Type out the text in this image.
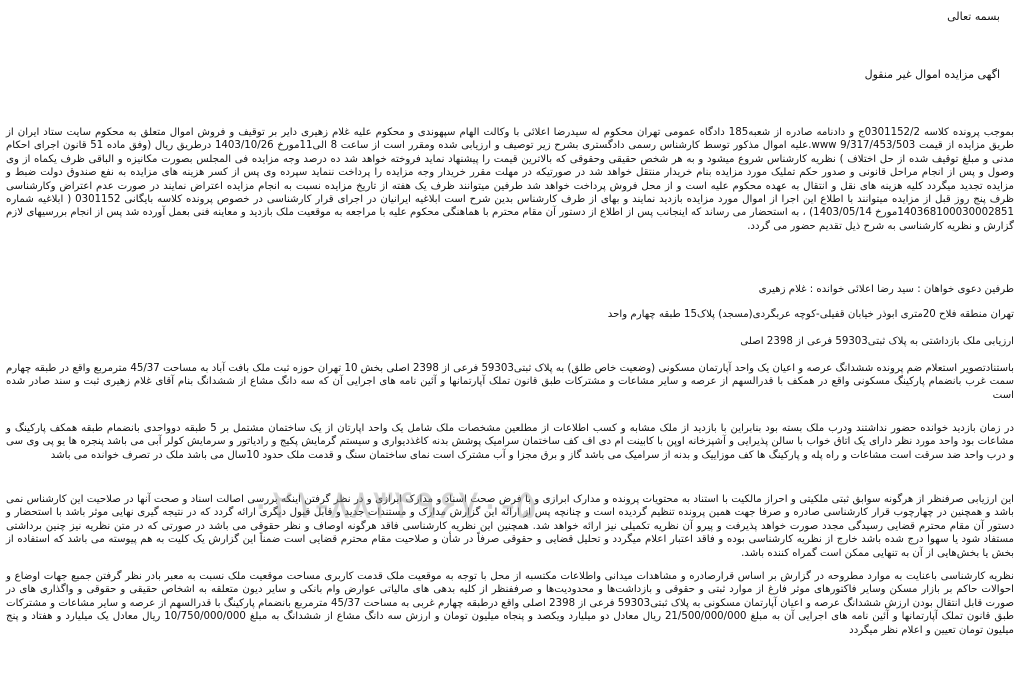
بسمه تعالی

اگهی مزایده اموال غیر منقول

بموجب پرونده کلاسه 0301152/2ج و دادنامه صادره از شعبه185 دادگاه عمومی تهران محکوم له سیدرضا اعلائی با وکالت الهام سپهوندی و محکوم علیه غلام زهیری دایر بر توقیف و فروش اموال متعلق به محکوم سایت ستاد ایران از طریق مزایده از قیمت 9/317/453/503 www.علیه اموال مذکور توسط کارشناس رسمی دادگستری بشرح زیر توصیف و ارزیابی شده ومقرر است از ساعت 8 الی11مورخ 1403/10/26 درطریق ریال (وفق ماده 51 قانون اجرای احکام مدنی و مبلغ توقیف شده از حل اختلاف ) نظریه کارشناس شروع میشود و به هر شخص حقیقی وحقوقی که بالاترین قیمت را پیشنهاد نماید فروخته خواهد شد ده درصد وجه مزایده فی المجلس بصورت مکانیزه و الباقی ظرف یکماه از وی وصول و پس از انجام مراحل قانونی و صدور حکم تملیک مورد مزایده بنام خریدار منتقل خواهد شد در صورتیکه در مهلت مقرر خریدار وجه مزایده را پرداخت ننماید سپرده وی پس از کسر هزینه های مزایده به نفع صندوق دولت ضبط و مزایده تجدید میگردد کلیه هزینه های نقل و انتقال به عهده محکوم علیه است و از محل فروش پرداخت خواهد شد طرفین میتوانند ظرف یک هفته از تاریخ مزایده نسبت به انجام مزایده اعتراض نمایند در صورت عدم اعتراض وکارشناسی ظرف پنج روز قبل از مزایده میتوانند با اطلاع این اجرا از اموال مورد مزایده بازدید نمایند و بهای از طرف کارشناس بدین شرح است ابلاغیه ایرانیان در اجرای قرار کارشناسی در خصوص پرونده کلاسه بایگانی 0301152 ( ابلاغیه شماره 140368100030002851مورخ 1403/05/14) ، به استحضار می رساند که اینجانب پس از اطلاع از دستور آن مقام محترم با هماهنگی محکوم علیه با مراجعه به موقعیت ملک بازدید و معاینه فنی بعمل آورده شد پس از انجام بررسیهای لازم گزارش و نظریه کارشناسی به شرح ذیل تقدیم حضور می گردد.

طرفین دعوی خواهان : سید رضا اعلائی خوانده : غلام زهیری

تهران منطقه فلاح 20متری ابوذر خیابان قفیلی-کوچه عربگردی(مسجد) پلاک15 طبقه چهارم واحد

ارزیابی ملک بازداشتی به پلاک ثبتی59303 فرعی از 2398 اصلی

باستنادتصویر استعلام ضم پرونده ششدانگ عرصه و اعیان یک واحد آپارتمان مسکونی (وضعیت خاص طلق) به پلاک ثبتی59303 فرعی از 2398 اصلی بخش 10 تهران حوزه ثبت ملک بافت آباد به مساحت 45/37 مترمربع واقع در طبقه چهارم سمت غرب بانضمام پارکینگ مسکونی واقع در همکف با قدرالسهم از عرصه و سایر مشاعات و مشترکات طبق قانون تملک آپارتمانها و آئین نامه های اجرایی آن که سه دانگ مشاع از ششدانگ بنام آقای غلام زهیری ثبت و سند صادر شده است

در زمان بازدید خوانده حضور نداشتند ودرب ملک بسته بود بنابراین با بازدید از ملک مشابه و کسب اطلاعات از مطلعین مشخصات ملک شامل یک واحد اپارتان از یک ساختمان مشتمل بر 5 طبقه دوواحدی بانضمام طبقه همکف پارکینگ و مشاعات بود واحد مورد نظر دارای یک اتاق خواب با سالن پذیرایی و آشپزخانه اوپن با کابینت ام دی اف کف ساختمان سرامیک پوشش بدنه کاغذدیواری و سیستم گرمایش پکیج و رادیاتور و سرمایش کولر آبی می باشد پنجره ها یو پی وی سی و درب واحد ضد سرقت است مشاعات و راه پله و پارکینگ ها کف موزاییک و بدنه از سرامیک می باشد گاز و برق مجزا و آب مشترک است نمای ساختمان سنگ و قدمت ملک حدود 10سال می باشد ملک در تصرف خوانده می باشد

این ارزیابی صرفنظر از هرگونه سوابق ثبتی ملکیتی و احراز مالکیت با استناد به محتویات پرونده و مدارک ابرازی و با فرض صحت اسناد و مدارک ابرازی و در نظر گرفتن اینکه بررسی اصالت اسناد و صحت آنها در صلاحیت این کارشناس نمی باشد و همچنین در چهارچوب قرار کارشناسی صادره و صرفا جهت همین پرونده تنظیم گردیده است و چنانچه پس از ارائه این گزارش مدارک و مستندات جدید و قابل قبول دیگری ارائه گردد که در نتیجه گیری نهایی موثر باشد با استحضار و دستور آن مقام محترم قضایی رسیدگی مجدد صورت خواهد پذیرفت و پیرو آن نظریه تکمیلی نیز ارائه خواهد شد. همچنین این نظریه کارشناسی فاقد هرگونه اوصاف و نظر حقوقی می باشد در صورتی که در متن نظریه نیز چنین برداشتی مستفاد شود یا سهوا درج شده باشد خارج از نظریه کارشناسی بوده و فاقد اعتبار اعلام میگردد و تحلیل قضایی و حقوقی صرفاً در شأن و صلاحیت مقام محترم قضایی است ضمناً این گزارش یک کلیت به هم پیوسته می باشد که استفاده از بخش یا بخش‌هایی از آن به تنهایی ممکن است گمراه کننده باشد.

نظریه کارشناسی باعنایت به موارد مطروحه در گزارش بر اساس قرارصادره و مشاهدات میدانی واطلاعات مکتسبه از محل با توجه به موقعیت ملک قدمت کاربری مساحت موقعیت ملک نسبت به معبر بادر نظر گرفتن جمیع جهات اوضاع و احوالات حاکم بر بازار مسکن وسایر فاکتورهای موثر فارغ از موارد ثبتی و حقوقی و بازداشت‌ها و محدودیت‌ها و صرففنظر از کلیه بدهی های مالیاتی عوارض وام بانکی و سایر دیون متعلقه به اشخاص حقیقی و حقوقی و واگذاری های در صورت قابل انتقال بودن ارزش ششدانگ عرصه و اعیان آپارتمان مسکونی به پلاک ثبتی59303 فرعی از 2398 اصلی واقع درطبقه چهارم غربی به مساحت 45/37 مترمربع بانضمام پارکینگ با قدرالسهم از عرصه و سایر مشاعات و مشترکات طبق قانون تملک آپارتمانها و آئین نامه های اجرایی آن به مبلغ 21/500/000/000 ریال معادل دو میلیارد ویکصد و پنجاه میلیون تومان و ارزش سه دانگ مشاع از ششدانگ به مبلغ 10/750/000/000 ریال معادل یک میلیارد و هفتاد و پنج میلیون تومان تعیین و اعلام نظر میگردد

۰۲۱-۸۸۳۴۹۶۷۰-۵
